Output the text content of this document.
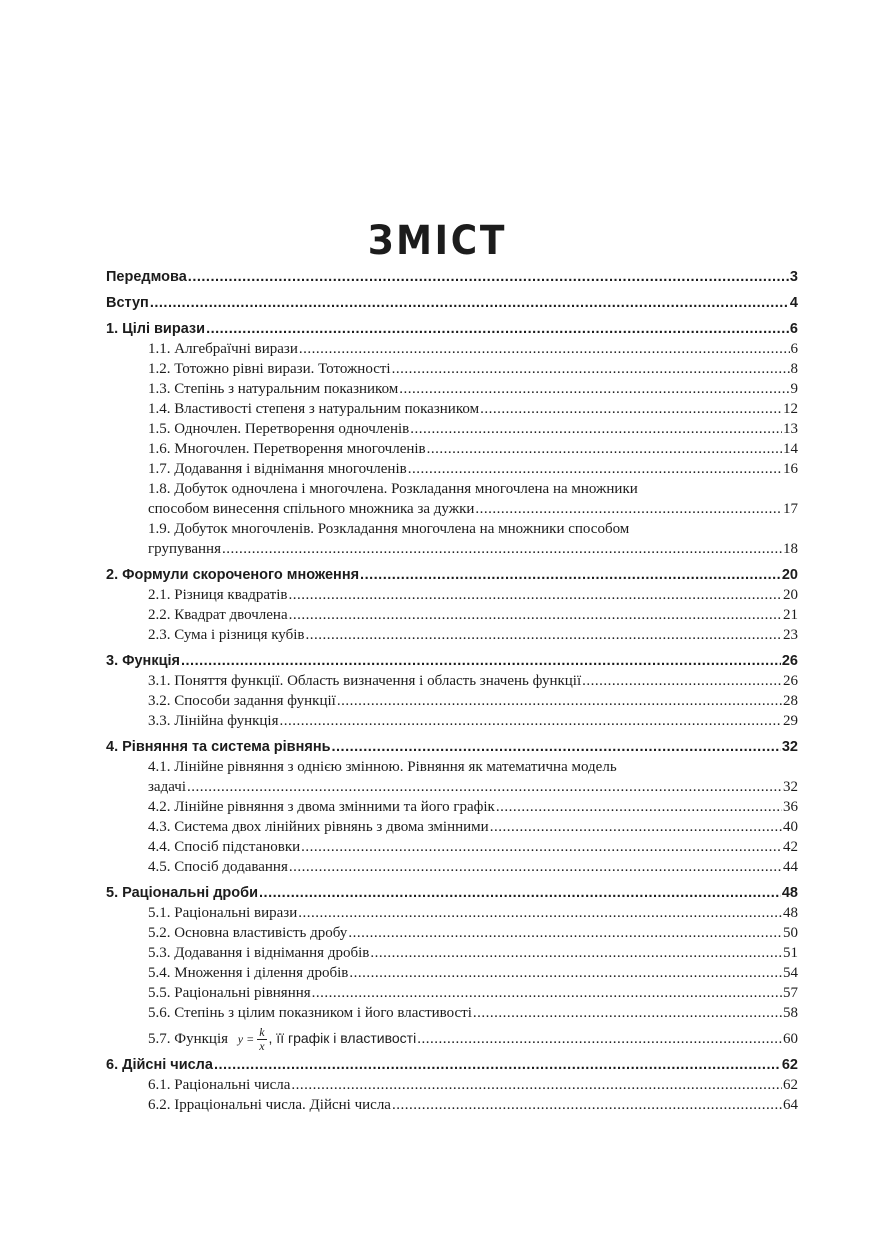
ЗМІСТ
Передмова .....	3
Вступ .....	4
1. Цілі вирази .....	6
1.1. Алгебраїчні вирази .....	6
1.2. Тотожно рівні вирази. Тотожності .....	8
1.3. Степінь з натуральним показником .....	9
1.4. Властивості степеня з натуральним показником .....	12
1.5. Одночлен. Перетворення одночленів .....	13
1.6. Многочлен. Перетворення многочленів .....	14
1.7. Додавання і віднімання многочленів .....	16
1.8. Добуток одночлена і многочлена. Розкладання многочлена на множники
способом винесення спільного множника за дужки .....	17
1.9. Добуток многочленів. Розкладання многочлена на множники способом
групування .....	18
2. Формули скороченого множення .....	20
2.1. Різниця квадратів .....	20
2.2. Квадрат двочлена .....	21
2.3. Сума і різниця кубів .....	23
3. Функція .....	26
3.1. Поняття функції. Область визначення і область значень функції .....	26
3.2. Способи задання функції .....	28
3.3. Лінійна функція .....	29
4. Рівняння та система рівнянь .....	32
4.1. Лінійне рівняння з однією змінною. Рівняння як математична модель
задачі .....	32
4.2. Лінійне рівняння з двома змінними та його графік .....	36
4.3. Система двох лінійних рівнянь з двома змінними .....	40
4.4. Спосіб підстановки .....	42
4.5. Спосіб додавання .....	44
5. Раціональні дроби .....	48
5.1. Раціональні вирази .....	48
5.2. Основна властивість дробу .....	50
5.3. Додавання і віднімання дробів .....	51
5.4. Множення і ділення дробів .....	54
5.5. Раціональні рівняння .....	57
5.6. Степінь з цілим показником і його властивості .....	58
5.7. Функція $y = \frac{k}{x}$ , її графік і властивості .....	60
6. Дійсні числа .....	62
6.1. Раціональні числа .....	62
6.2. Ірраціональні числа. Дійсні числа .....	64
